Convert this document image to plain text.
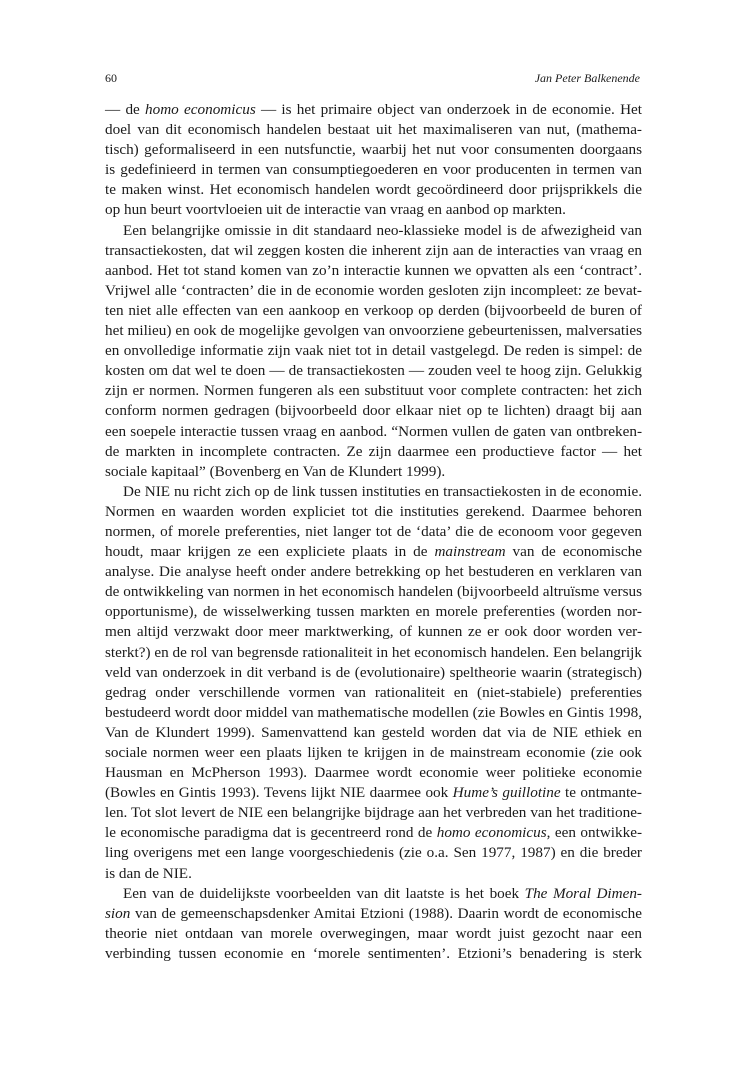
60	Jan Peter Balkenende
— de homo economicus — is het primaire object van onderzoek in de economie. Het
doel van dit economisch handelen bestaat uit het maximaliseren van nut, (mathema-
tisch) geformaliseerd in een nutsfunctie, waarbij het nut voor consumenten doorgaans
is gedefinieerd in termen van consumptiegoederen en voor producenten in termen van
te maken winst. Het economisch handelen wordt gecoördineerd door prijsprikkels die
op hun beurt voortvloeien uit de interactie van vraag en aanbod op markten.
Een belangrijke omissie in dit standaard neo-klassieke model is de afwezigheid van
transactiekosten, dat wil zeggen kosten die inherent zijn aan de interacties van vraag en
aanbod. Het tot stand komen van zo’n interactie kunnen we opvatten als een ‘contract’.
Vrijwel alle ‘contracten’ die in de economie worden gesloten zijn incompleet: ze bevat-
ten niet alle effecten van een aankoop en verkoop op derden (bijvoorbeeld de buren of
het milieu) en ook de mogelijke gevolgen van onvoorziene gebeurtenissen, malversaties
en onvolledige informatie zijn vaak niet tot in detail vastgelegd. De reden is simpel: de
kosten om dat wel te doen — de transactiekosten — zouden veel te hoog zijn. Gelukkig
zijn er normen. Normen fungeren als een substituut voor complete contracten: het zich
conform normen gedragen (bijvoorbeeld door elkaar niet op te lichten) draagt bij aan
een soepele interactie tussen vraag en aanbod. “Normen vullen de gaten van ontbreken-
de markten in incomplete contracten. Ze zijn daarmee een productieve factor — het
sociale kapitaal” (Bovenberg en Van de Klundert 1999).
De NIE nu richt zich op de link tussen instituties en transactiekosten in de economie.
Normen en waarden worden expliciet tot die instituties gerekend. Daarmee behoren
normen, of morele preferenties, niet langer tot de ‘data’ die de econoom voor gegeven
houdt, maar krijgen ze een expliciete plaats in de mainstream van de economische
analyse. Die analyse heeft onder andere betrekking op het bestuderen en verklaren van
de ontwikkeling van normen in het economisch handelen (bijvoorbeeld altruïsme versus
opportunisme), de wisselwerking tussen markten en morele preferenties (worden nor-
men altijd verzwakt door meer marktwerking, of kunnen ze er ook door worden ver-
sterkt?) en de rol van begrensde rationaliteit in het economisch handelen. Een belangrijk
veld van onderzoek in dit verband is de (evolutionaire) speltheorie waarin (strategisch)
gedrag onder verschillende vormen van rationaliteit en (niet-stabiele) preferenties
bestudeerd wordt door middel van mathematische modellen (zie Bowles en Gintis 1998,
Van de Klundert 1999). Samenvattend kan gesteld worden dat via de NIE ethiek en
sociale normen weer een plaats lijken te krijgen in de mainstream economie (zie ook
Hausman en McPherson 1993). Daarmee wordt economie weer politieke economie
(Bowles en Gintis 1993). Tevens lijkt NIE daarmee ook Hume’s guillotine te ontmante-
len. Tot slot levert de NIE een belangrijke bijdrage aan het verbreden van het traditione-
le economische paradigma dat is gecentreerd rond de homo economicus, een ontwikke-
ling overigens met een lange voorgeschiedenis (zie o.a. Sen 1977, 1987) en die breder
is dan de NIE.
Een van de duidelijkste voorbeelden van dit laatste is het boek The Moral Dimen-
sion van de gemeenschapsdenker Amitai Etzioni (1988). Daarin wordt de economische
theorie niet ontdaan van morele overwegingen, maar wordt juist gezocht naar een
verbinding tussen economie en ‘morele sentimenten’. Etzioni’s benadering is sterk
